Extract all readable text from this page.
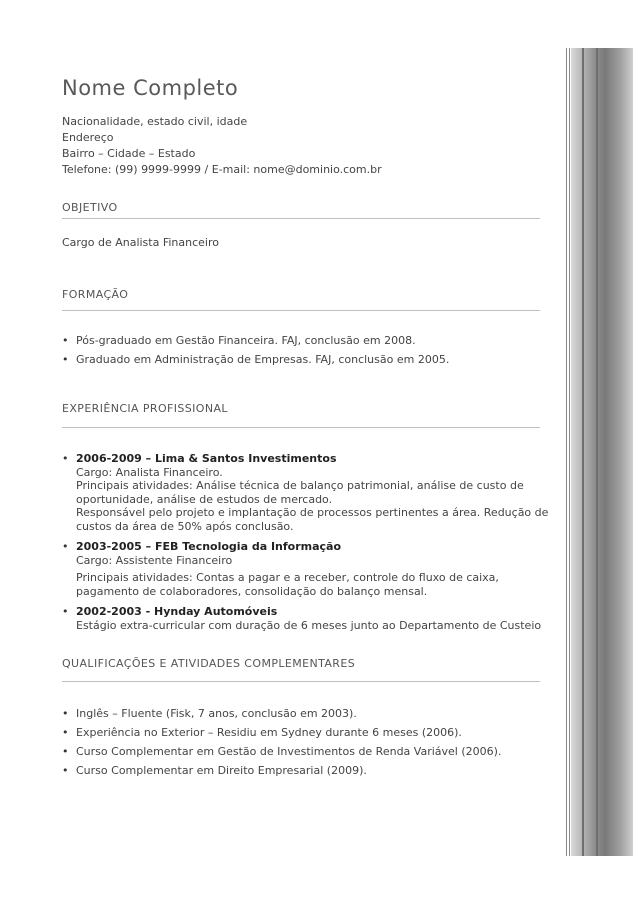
Nome Completo
Nacionalidade, estado civil, idade
Endereço
Bairro – Cidade – Estado
Telefone: (99) 9999-9999 / E-mail: nome@dominio.com.br
OBJETIVO
Cargo de Analista Financeiro
FORMAÇÃO
• Pós-graduado em Gestão Financeira. FAJ, conclusão em 2008.
• Graduado em Administração de Empresas. FAJ, conclusão em 2005.
EXPERIÊNCIA PROFISSIONAL
• 2006-2009 – Lima & Santos Investimentos
Cargo: Analista Financeiro.
Principais atividades: Análise técnica de balanço patrimonial, análise de custo de oportunidade, análise de estudos de mercado.
Responsável pelo projeto e implantação de processos pertinentes a área. Redução de custos da área de 50% após conclusão.
• 2003-2005 – FEB Tecnologia da Informação
Cargo: Assistente Financeiro
Principais atividades: Contas a pagar e a receber, controle do fluxo de caixa, pagamento de colaboradores, consolidação do balanço mensal.
• 2002-2003 - Hynday Automóveis
Estágio extra-curricular com duração de 6 meses junto ao Departamento de Custeio
QUALIFICAÇÕES E ATIVIDADES COMPLEMENTARES
• Inglês – Fluente (Fisk, 7 anos, conclusão em 2003).
• Experiência no Exterior – Residiu em Sydney durante 6 meses (2006).
• Curso Complementar em Gestão de Investimentos de Renda Variável (2006).
• Curso Complementar em Direito Empresarial (2009).
